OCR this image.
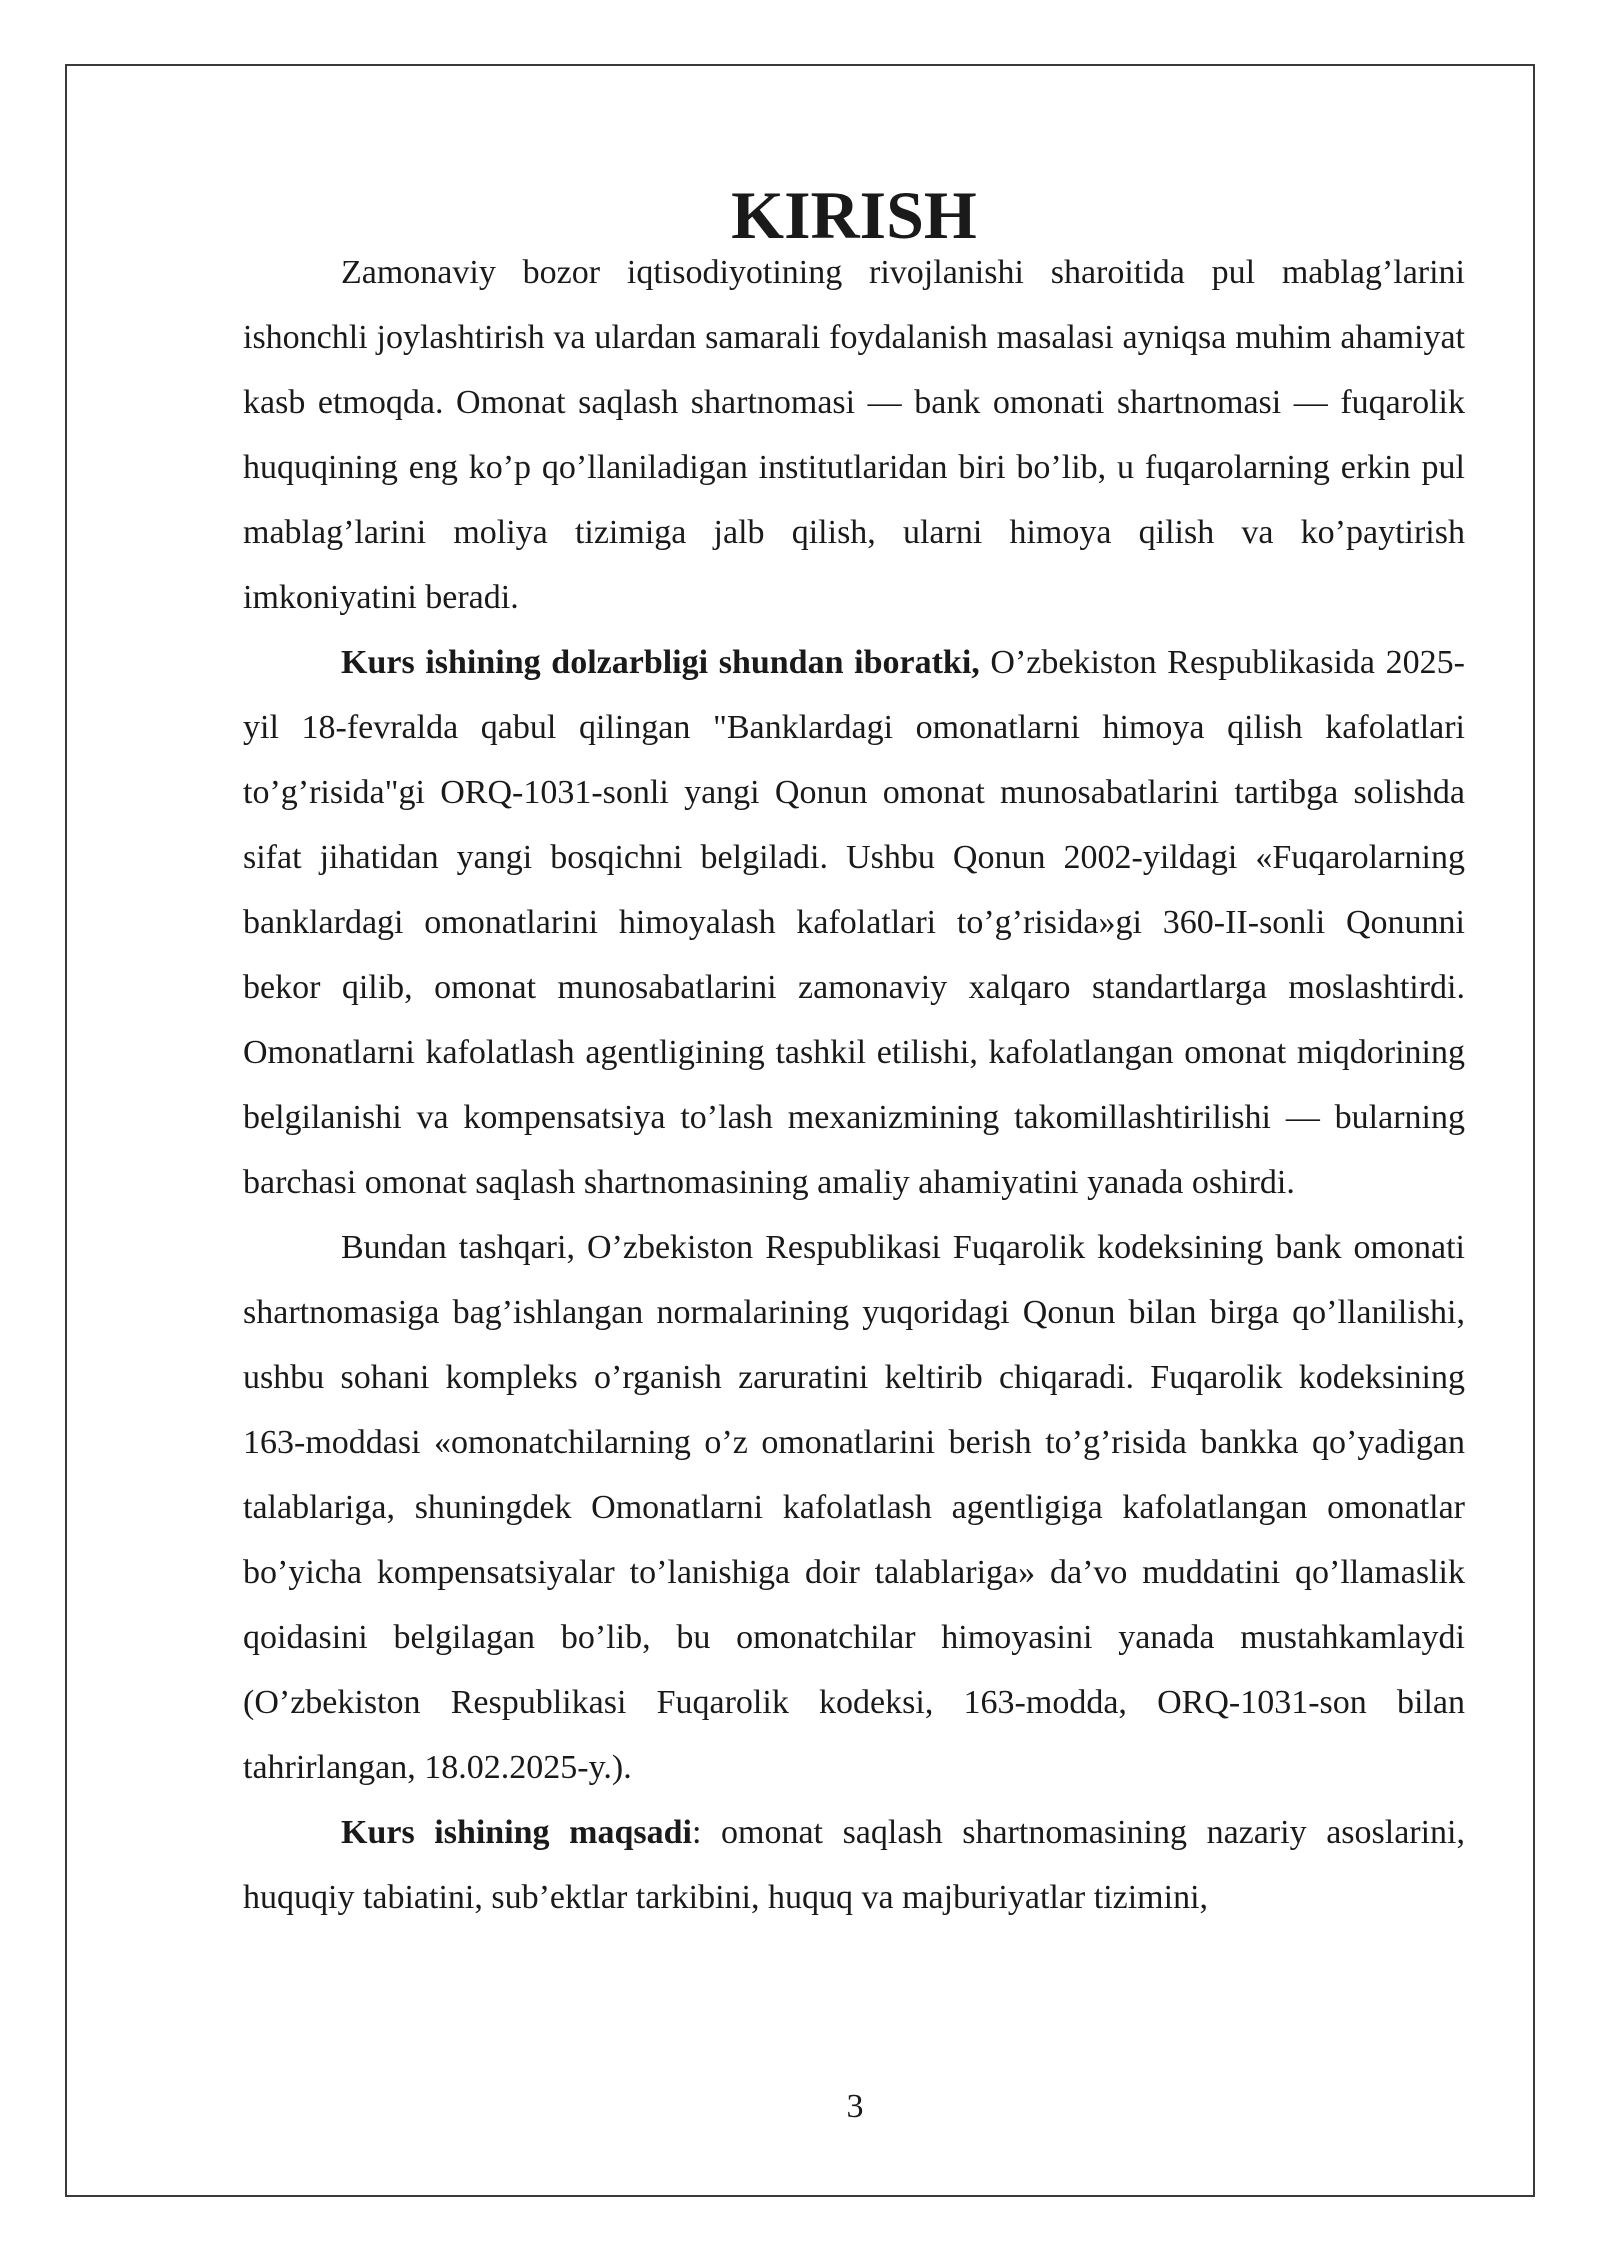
KIRISH

Zamonaviy bozor iqtisodiyotining rivojlanishi sharoitida pul mablag’larini ishonchli joylashtirish va ulardan samarali foydalanish masalasi ayniqsa muhim ahamiyat kasb etmoqda. Omonat saqlash shartnomasi — bank omonati shartnomasi — fuqarolik huquqining eng ko’p qo’llaniladigan institutlaridan biri bo’lib, u fuqarolarning erkin pul mablag’larini moliya tizimiga jalb qilish, ularni himoya qilish va ko’paytirish imkoniyatini beradi.

Kurs ishining dolzarbligi shundan iboratki, O’zbekiston Respublikasida 2025-yil 18-fevralda qabul qilingan "Banklardagi omonatlarni himoya qilish kafolatlari to’g’risida"gi ORQ-1031-sonli yangi Qonun omonat munosabatlarini tartibga solishda sifat jihatidan yangi bosqichni belgiladi. Ushbu Qonun 2002-yildagi «Fuqarolarning banklardagi omonatlarini himoyalash kafolatlari to’g’risida»gi 360-II-sonli Qonunni bekor qilib, omonat munosabatlarini zamonaviy xalqaro standartlarga moslashtirdi. Omonatlarni kafolatlash agentligining tashkil etilishi, kafolatlangan omonat miqdorining belgilanishi va kompensatsiya to’lash mexanizmining takomillashtirilishi — bularning barchasi omonat saqlash shartnomasining amaliy ahamiyatini yanada oshirdi.

Bundan tashqari, O’zbekiston Respublikasi Fuqarolik kodeksining bank omonati shartnomasiga bag’ishlangan normalarining yuqoridagi Qonun bilan birga qo’llanilishi, ushbu sohani kompleks o’rganish zaruratini keltirib chiqaradi. Fuqarolik kodeksining 163-moddasi «omonatchilarning o’z omonatlarini berish to’g’risida bankka qo’yadigan talablariga, shuningdek Omonatlarni kafolatlash agentligiga kafolatlangan omonatlar bo’yicha kompensatsiyalar to’lanishiga doir talablariga» da’vo muddatini qo’llamaslik qoidasini belgilagan bo’lib, bu omonatchilar himoyasini yanada mustahkamlaydi (O’zbekiston Respublikasi Fuqarolik kodeksi, 163-modda, ORQ-1031-son bilan tahrirlangan, 18.02.2025-y.).

Kurs ishining maqsadi: omonat saqlash shartnomasining nazariy asoslarini, huquqiy tabiatini, sub’ektlar tarkibini, huquq va majburiyatlar tizimini,

3
